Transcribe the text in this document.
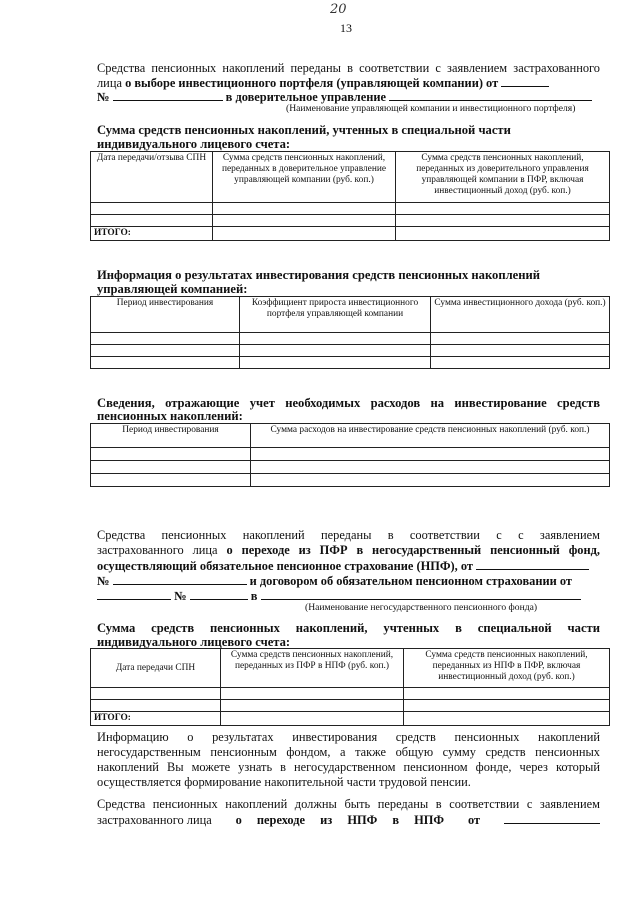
20
13
Средства пенсионных накоплений переданы в соответствии с заявлением застрахованного
лица о выборе инвестиционного портфеля (управляющей компании) от
№	в доверительное управление
(Наименование управляющей компании и инвестиционного портфеля)
Сумма средств пенсионных накоплений, учтенных в специальной части
индивидуального лицевого счета:
Дата передачи/отзыва СПН	Сумма средств пенсионных накоплений, переданных в доверительное управление управляющей компании (руб. коп.)	Сумма средств пенсионных накоплений, переданных из доверительного управления управляющей компании в ПФР, включая инвестиционный доход (руб. коп.)

ИТОГО:		
Информация о результатах инвестирования средств пенсионных накоплений
управляющей компанией:
Период инвестирования	Коэффициент прироста инвестиционного портфеля управляющей компании	Сумма инвестиционного дохода (руб. коп.)

Сведения, отражающие учет необходимых расходов на инвестирование средств
пенсионных накоплений:
Период инвестирования	Сумма расходов на инвестирование средств пенсионных накоплений (руб. коп.)

Средства пенсионных накоплений переданы в соответствии с с заявлением
застрахованного лица о переходе из ПФР в негосударственный пенсионный фонд,
осуществляющий обязательное пенсионное страхование (НПФ), от
№	и договором об обязательном пенсионном страховании от
№	в
(Наименование негосударственного пенсионного фонда)
Сумма средств пенсионных накоплений, учтенных в специальной части
индивидуального лицевого счета:
Дата передачи СПН	Сумма средств пенсионных накоплений, переданных из ПФР в НПФ (руб. коп.)	Сумма средств пенсионных накоплений, переданных из НПФ в ПФР, включая инвестиционный доход (руб. коп.)

ИТОГО:		
Информацию о результатах инвестирования средств пенсионных накоплений
негосударственным пенсионным фондом, а также общую сумму средств пенсионных
накоплений Вы можете узнать в негосударственном пенсионном фонде, через который
осуществляется формирование накопительной части трудовой пенсии.
Средства пенсионных накоплений должны быть переданы в соответствии с заявлением
застрахованного лица о переходе из НПФ в НПФ от
